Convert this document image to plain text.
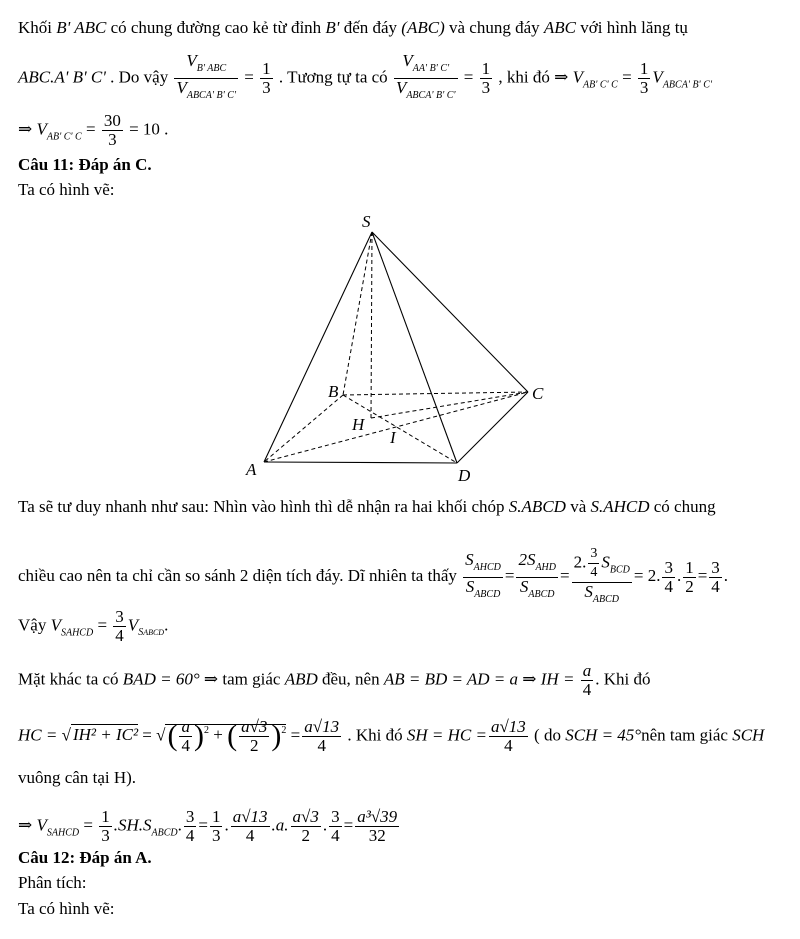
Khối B' ABC có chung đường cao kẻ từ đỉnh B' đến đáy (ABC) và chung đáy ABC với hình lăng tụ
ABC.A' B' C' . Do vậy $\frac{V_{B' ABC}}{V_{ABCA' B' C'}} = \frac{1}{3}$ . Tương tự ta có $\frac{V_{AA' B' C'}}{V_{ABCA' B' C'}} = \frac{1}{3}$ , khi đó ⇒ $V_{AB' C' C} = \frac{1}{3} V_{ABCA' B' C'}$
⇒ $V_{AB' C' C} = \frac{30}{3} = 10$ .
Câu 11: Đáp án C.
Ta có hình vẽ:
S
B	C
H
I
A	D
Ta sẽ tư duy nhanh như sau: Nhìn vào hình thì dễ nhận ra hai khối chóp S.ABCD và S.AHCD có chung
chiều cao nên ta chỉ cần so sánh 2 diện tích đáy. Dĩ nhiên ta thấy $\frac{S_{AHCD}}{S_{ABCD}} = \frac{2S_{AHD}}{S_{ABCD}} = \frac{2. \frac{3}{4} S_{BCD}}{S_{ABCD}} = 2$. $\frac{3}{4}$ . $\frac{1}{2} = \frac{3}{4}$ .
Vậy $V_{SAHCD} = \frac{3}{4} V_{SABCD}$.
Mặt khác ta có BAD = 60° ⇒ tam giác ABD đều, nên AB = BD = AD = a ⇒ IH = $\frac{a}{4}$ . Khi đó
HC = √ IH² + IC² = √( $\frac{a}{4} )^2$ + ( $\frac{a√3}{2} )^2 = \frac{a√13}{4}$ . Khi đó SH = HC = $\frac{a√13}{4}$ ( do SCH = 45°nên tam giác SCH
vuông cân tại H).
⇒ $V_{SAHCD} = \frac{1}{3} .SH.S_{ABCD}$. $\frac{3}{4} = \frac{1}{3}$ . $\frac{a√13}{4} .a$. $\frac{a√3}{2}$ . $\frac{3}{4} = \frac{\text{a³√39}}{32}$
Câu 12: Đáp án A.
Phân tích:
Ta có hình vẽ:
